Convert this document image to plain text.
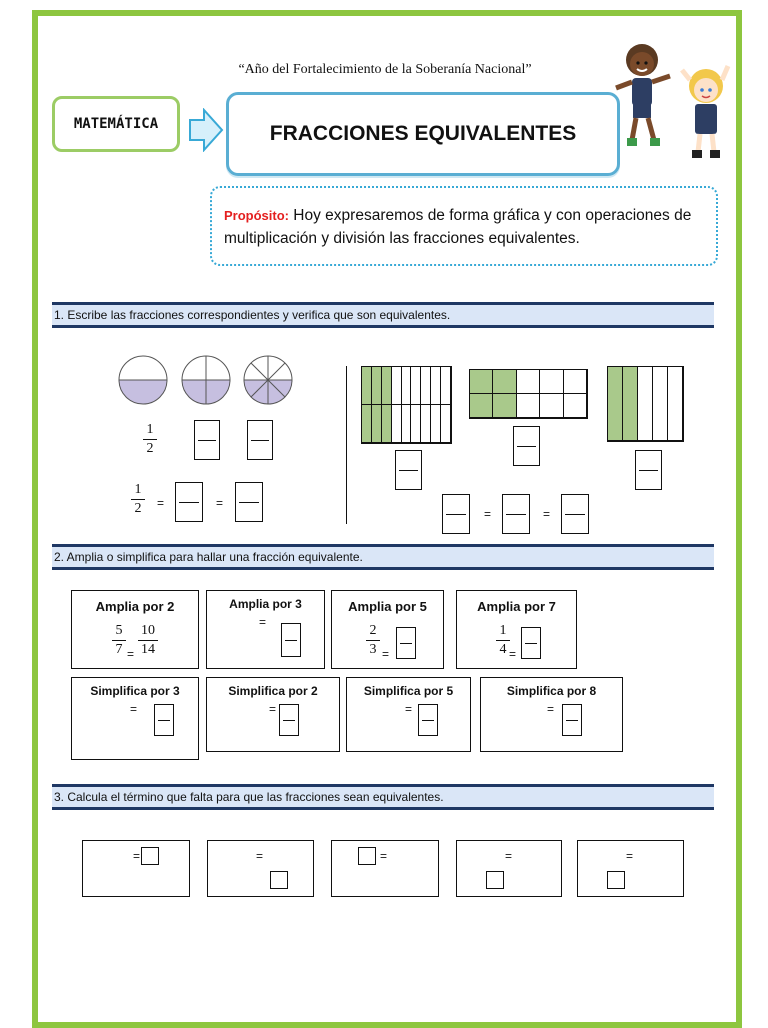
“Año del Fortalecimiento de la Soberanía Nacional”
MATEMÁTICA	FRACCIONES EQUIVALENTES
Propósito: Hoy expresaremos de forma gráfica y con operaciones de multiplicación y división las fracciones equivalentes.
1. Escribe las fracciones correspondientes y verifica que son equivalentes.
1
2
1
2 =	=
=	=
2. Amplia o simplifica para hallar una fracción equivalente.
Amplia por 2
5
7 =
10
14
Amplia por 3
=
Amplia por 5
2
3 =
Amplia por 7
1
4 =
Simplifica por 3
=
Simplifica por 2
=
Simplifica por 5
=
Simplifica por 8
=
3. Calcula el término que falta para que las fracciones sean equivalentes.
=	=	=	=	=
